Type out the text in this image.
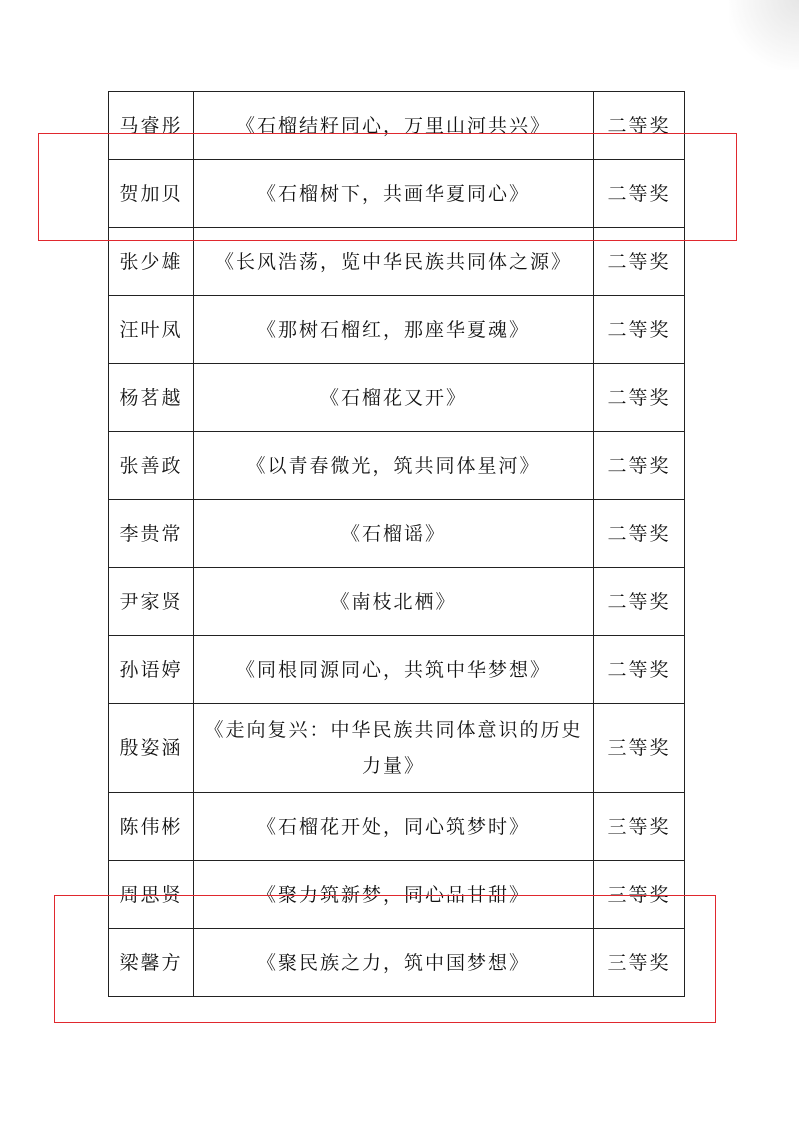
马睿彤	《石榴结籽同心，万里山河共兴》	二等奖
贺加贝	《石榴树下，共画华夏同心》	二等奖
张少雄	《长风浩荡，览中华民族共同体之源》	二等奖
汪叶凤	《那树石榴红，那座华夏魂》	二等奖
杨茗越	《石榴花又开》	二等奖
张善政	《以青春微光，筑共同体星河》	二等奖
李贵常	《石榴谣》	二等奖
尹家贤	《南枝北栖》	二等奖
孙语婷	《同根同源同心，共筑中华梦想》	二等奖
殷姿涵	《走向复兴：中华民族共同体意识的历史力量》	三等奖
陈伟彬	《石榴花开处，同心筑梦时》	三等奖
周思贤	《聚力筑新梦，同心品甘甜》	三等奖
梁馨方	《聚民族之力，筑中国梦想》	三等奖
